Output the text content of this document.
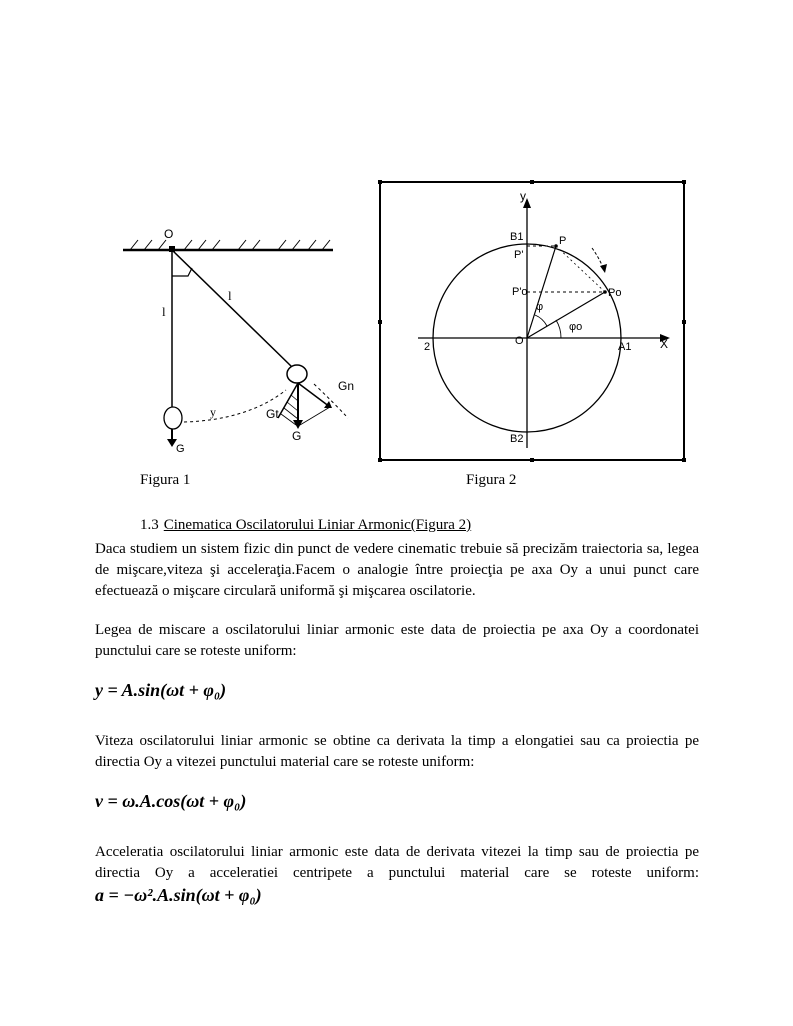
O
l
l
G
y
Gn
Gt
G
y
X
B1
B2
A1
2	O
P
P'
Po
P'o
φ
φo
Figura 1	Figura 2
1.3 Cinematica Oscilatorului Liniar Armonic(Figura 2)
Daca studiem un sistem fizic din punct de vedere cinematic trebuie să precizăm traiectoria sa, legea de mişcare,viteza şi acceleraţia.Facem o analogie între proiecţia pe axa Oy a unui punct care efectuează o mişcare circulară uniformă şi mişcarea oscilatorie.
Legea de miscare a oscilatorului liniar armonic este data de proiectia pe axa Oy a coordonatei punctului care se roteste uniform:
y = A.sin(ωt + φ₀)
Viteza oscilatorului liniar armonic se obtine ca derivata la timp a elongatiei sau ca proiectia pe directia Oy a vitezei punctului material care se roteste uniform:
v = ω.A.cos(ωt + φ₀)
Acceleratia oscilatorului liniar armonic este data de derivata vitezei la timp sau de proiectia pe directia Oy a acceleratiei centripete a punctului material care se roteste uniform:
a = −ω².A.sin(ωt + φ₀)
